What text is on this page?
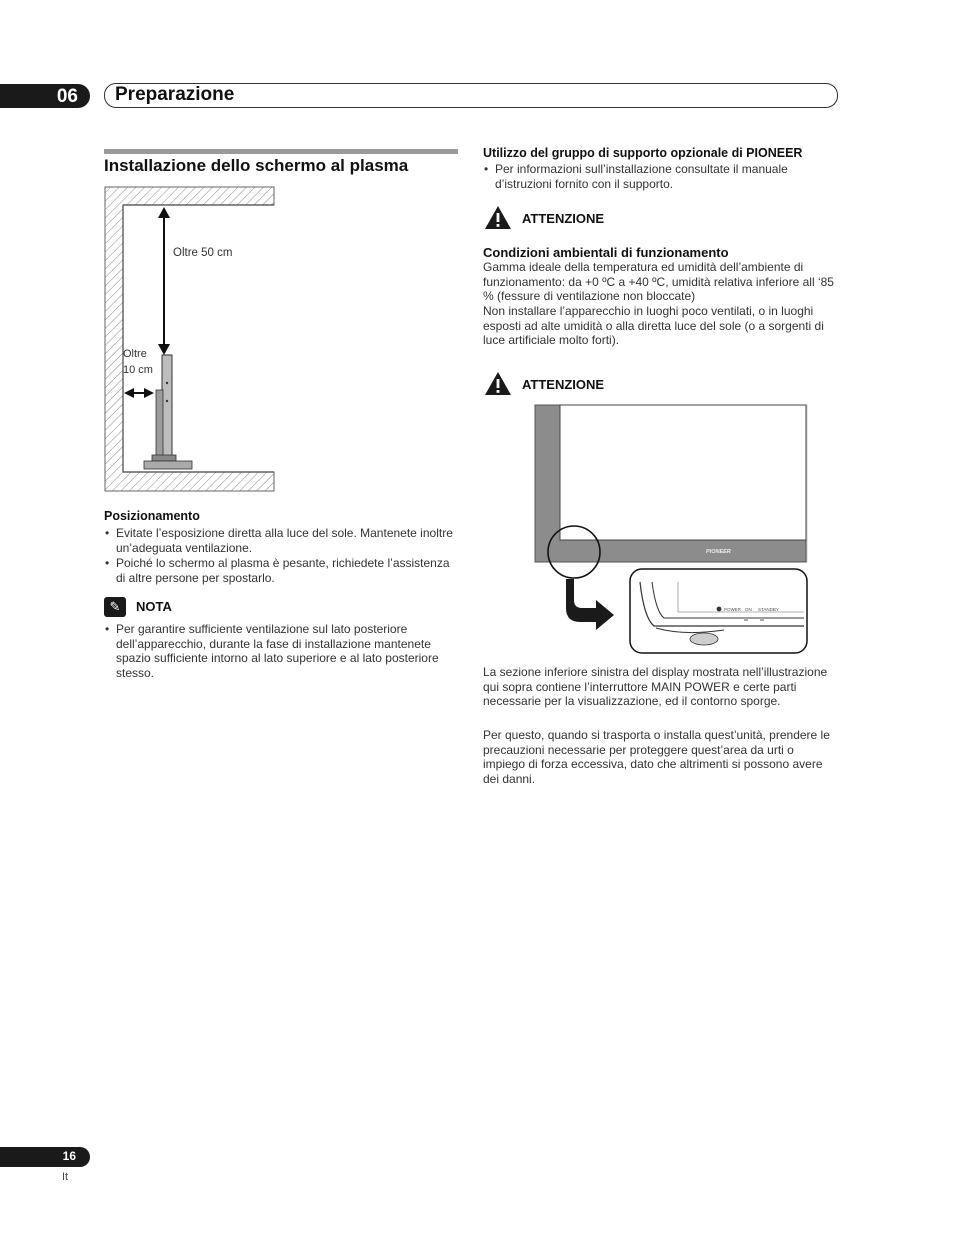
06 Preparazione
Installazione dello schermo al plasma
Oltre 50 cm
Oltre
10 cm
Posizionamento
• Evitate l’esposizione diretta alla luce del sole. Mantenete inoltre un’adeguata ventilazione.
• Poiché lo schermo al plasma è pesante, richiedete l’assistenza di altre persone per spostarlo.
✎	NOTA
• Per garantire sufficiente ventilazione sul lato posteriore dell’apparecchio, durante la fase di installazione mantenete spazio sufficiente intorno al lato superiore e al lato posteriore stesso.
Utilizzo del gruppo di supporto opzionale di PIONEER
• Per informazioni sull’installazione consultate il manuale d’istruzioni fornito con il supporto.
ATTENZIONE
Condizioni ambientali di funzionamento

Gamma ideale della temperatura ed umidità dell’ambiente di funzionamento: da +0 ºC a +40 ºC, umidità relativa inferiore all ‘85 % (fessure di ventilazione non bloccate)

Non installare l’apparecchio in luoghi poco ventilati, o in luoghi esposti ad alte umidità o alla diretta luce del sole (o a sorgenti di luce artificiale molto forti).

ATTENZIONE
PIONEER
POWER ON STANDBY

La sezione inferiore sinistra del display mostrata nell’illustrazione qui sopra contiene l’interruttore MAIN POWER e certe parti necessarie per la visualizzazione, ed il contorno sporge.

Per questo, quando si trasporta o installa quest’unità, prendere le precauzioni necessarie per proteggere quest’area da urti o impiego di forza eccessiva, dato che altrimenti si possono avere dei danni.

16
It
